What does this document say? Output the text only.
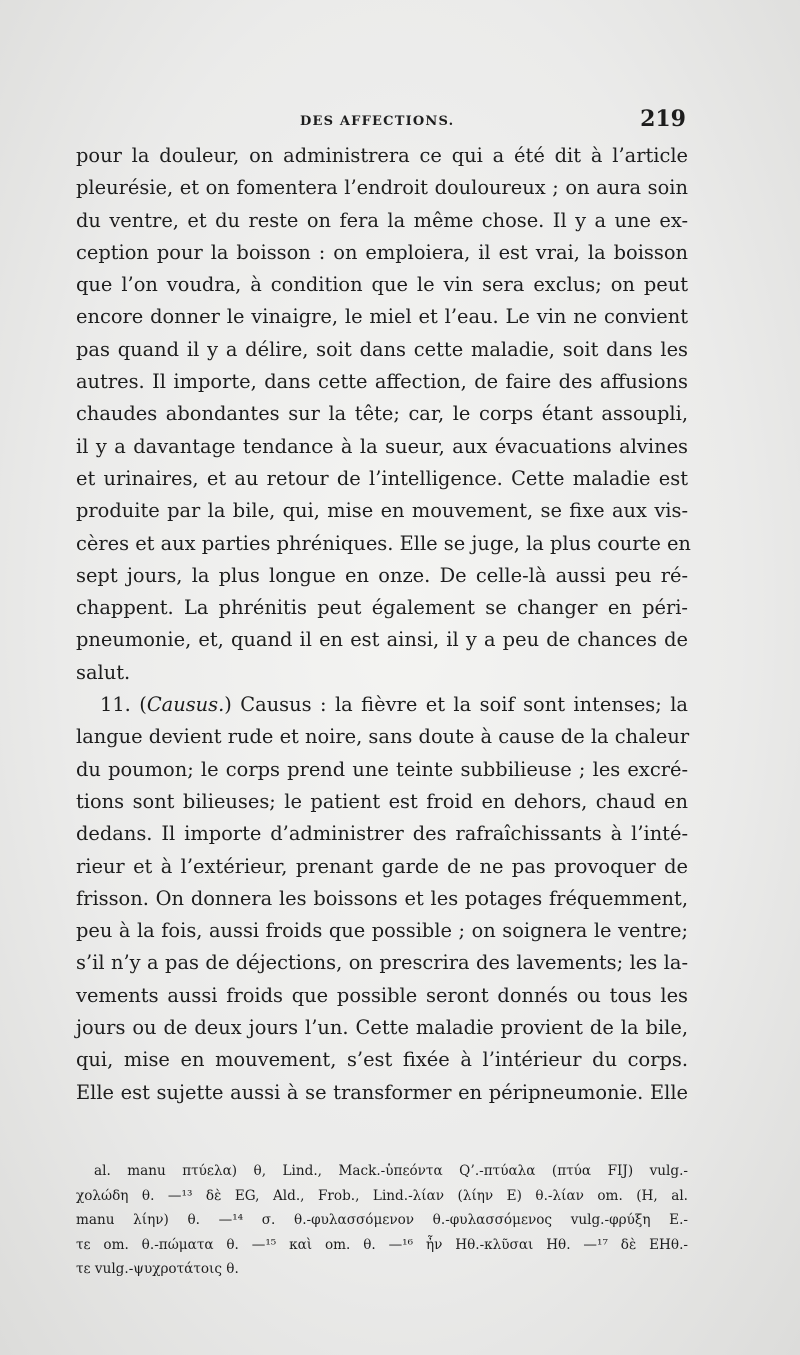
DES AFFECTIONS.	219
pour la douleur, on administrera ce qui a été dit à l’article
pleurésie, et on fomentera l’endroit douloureux ; on aura soin
du ventre, et du reste on fera la même chose. Il y a une ex-
ception pour la boisson : on emploiera, il est vrai, la boisson
que l’on voudra, à condition que le vin sera exclus; on peut
encore donner le vinaigre, le miel et l’eau. Le vin ne convient
pas quand il y a délire, soit dans cette maladie, soit dans les
autres. Il importe, dans cette affection, de faire des affusions
chaudes abondantes sur la tête; car, le corps étant assoupli,
il y a davantage tendance à la sueur, aux évacuations alvines
et urinaires, et au retour de l’intelligence. Cette maladie est
produite par la bile, qui, mise en mouvement, se fixe aux vis-
cères et aux parties phréniques. Elle se juge, la plus courte en
sept jours, la plus longue en onze. De celle-là aussi peu ré-
chappent. La phrénitis peut également se changer en péri-
pneumonie, et, quand il en est ainsi, il y a peu de chances de
salut.
11. (Causus.) Causus : la fièvre et la soif sont intenses; la
langue devient rude et noire, sans doute à cause de la chaleur
du poumon; le corps prend une teinte subbilieuse ; les excré-
tions sont bilieuses; le patient est froid en dehors, chaud en
dedans. Il importe d’administrer des rafraîchissants à l’inté-
rieur et à l’extérieur, prenant garde de ne pas provoquer de
frisson. On donnera les boissons et les potages fréquemment,
peu à la fois, aussi froids que possible ; on soignera le ventre;
s’il n’y a pas de déjections, on prescrira des lavements; les la-
vements aussi froids que possible seront donnés ou tous les
jours ou de deux jours l’un. Cette maladie provient de la bile,
qui, mise en mouvement, s’est fixée à l’intérieur du corps.
Elle est sujette aussi à se transformer en péripneumonie. Elle
al. manu πτύελα) θ, Lind., Mack.-ὑπεόντα Q’.-πτύαλα (πτύα FIJ) vulg.-
χολώδη θ. —¹³ δὲ EG, Ald., Frob., Lind.-λίαν (λίην E) θ.-λίαν om. (H, al.
manu λίην) θ. —¹⁴ σ. θ.-φυλασσόμενον θ.-φυλασσόμενος vulg.-φρύξη E.-
τε om. θ.-πώματα θ. —¹⁵ καὶ om. θ. —¹⁶ ἦν Hθ.-κλῦσαι Hθ. —¹⁷ δὲ EHθ.-
τε vulg.-ψυχροτάτοις θ.
